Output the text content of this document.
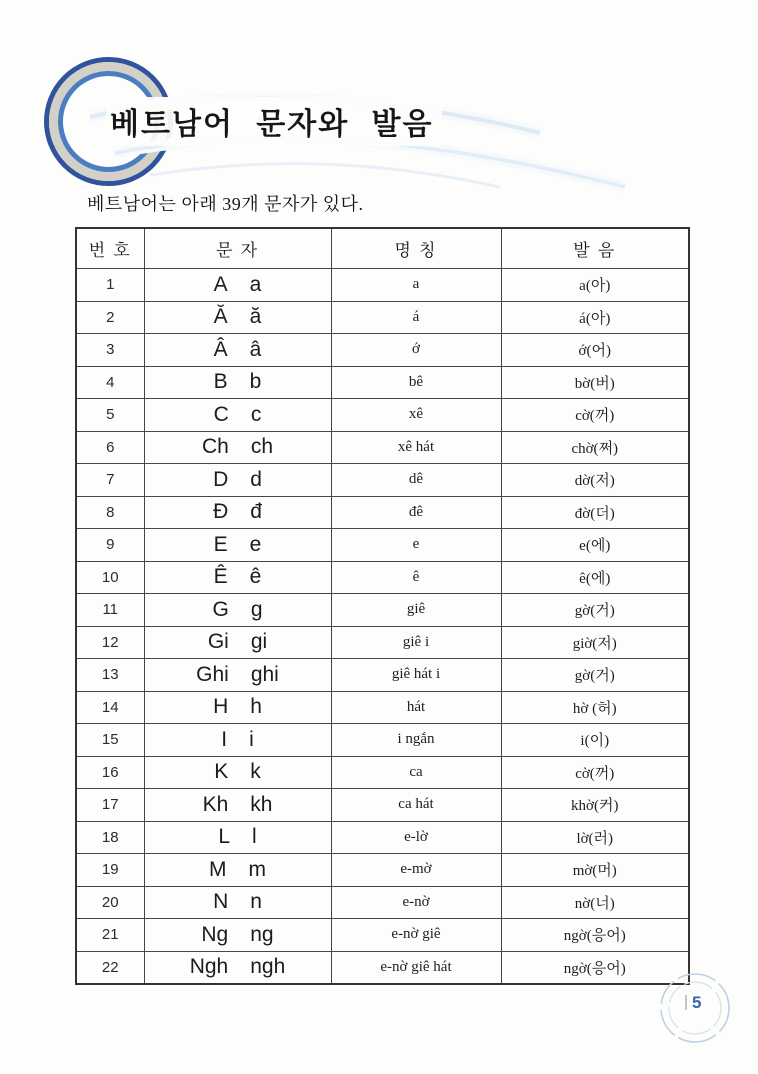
베트남어 문자와 발음

베트남어는 아래 39개 문자가 있다.

번 호	문 자	명 칭	발 음
1	A a	a	a(아)
2	Ă ă	á	á(아)
3	Â â	ớ	ớ(어)
4	B b	bê	bờ(버)
5	C c	xê	cờ(꺼)
6	Ch ch	xê hát	chờ(쩌)
7	D d	dê	dờ(저)
8	Đ đ	đê	đờ(더)
9	E e	e	e(에)
10	Ê ê	ê	ê(에)
11	G g	giê	gờ(거)
12	Gi gi	giê i	giờ(저)
13	Ghi ghi	giê hát i	gờ(거)
14	H h	hát	hờ (허)
15	I i	i ngắn	i(이)
16	K k	ca	cờ(꺼)
17	Kh kh	ca hát	khờ(커)
18	L l	e-lờ	lờ(러)
19	M m	e-mờ	mờ(머)
20	N n	e-nờ	nờ(너)
21	Ng ng	e-nờ giê	ngờ(응어)
22	Ngh ngh	e-nờ giê hát	ngờ(응어)
5
